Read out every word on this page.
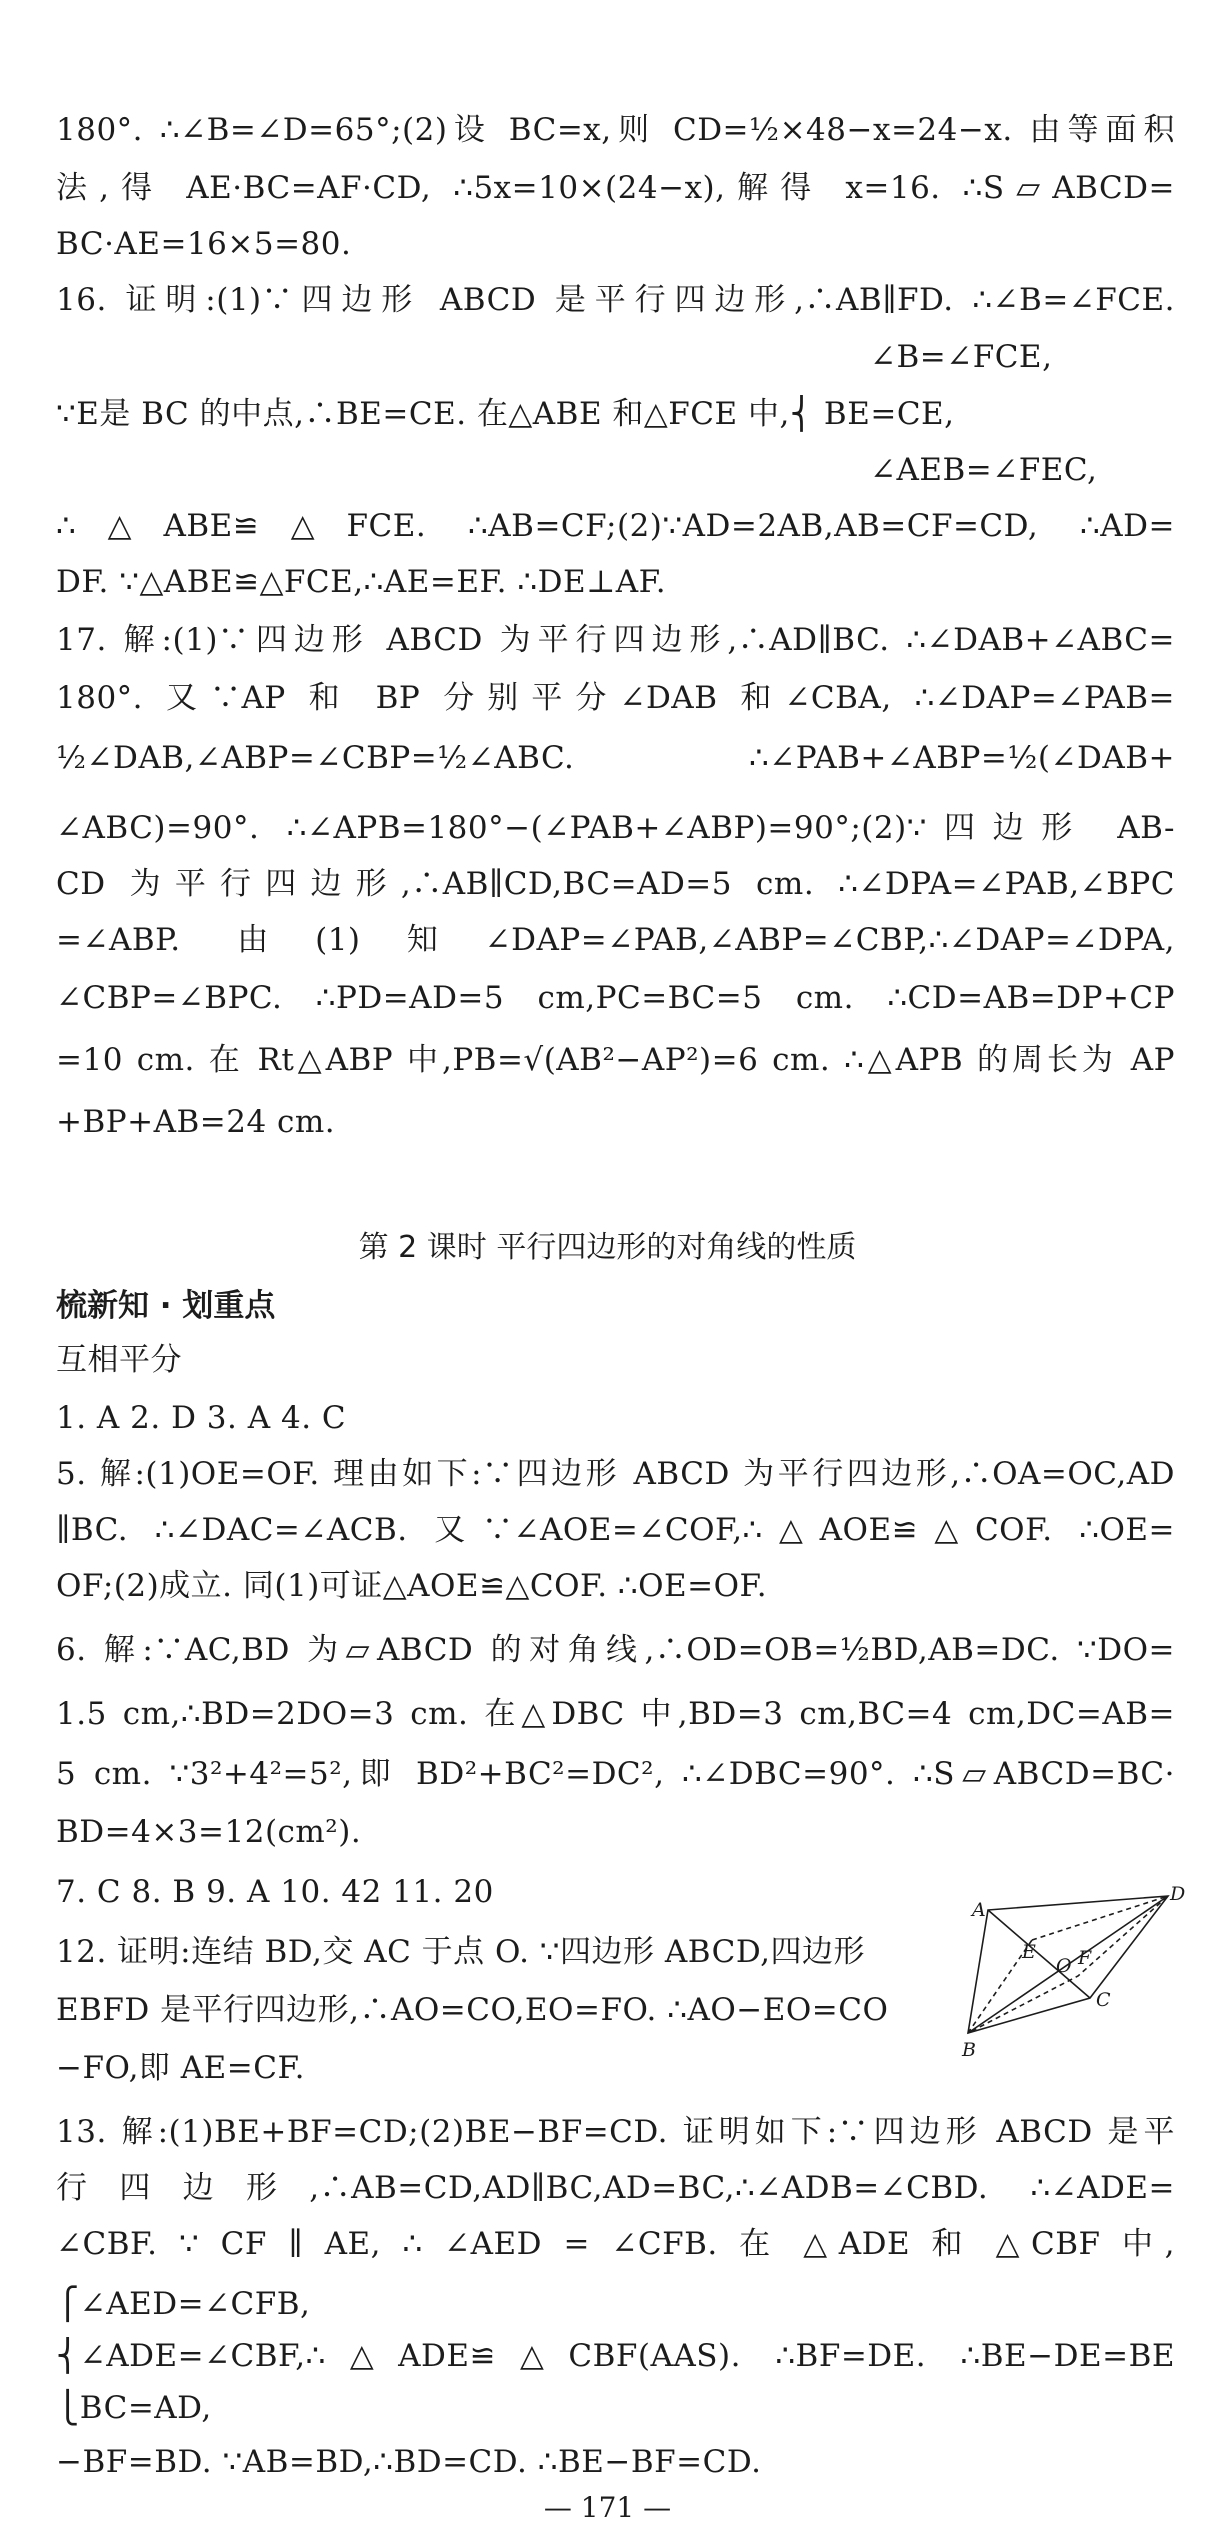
180°. ∴∠B=∠D=65°;(2)设 BC=x,则 CD=½×48−x=24−x. 由等面积
法,得 AE·BC=AF·CD, ∴5x=10×(24−x),解得 x=16. ∴S▱ABCD=
BC·AE=16×5=80.
16. 证明:(1)∵四边形 ABCD 是平行四边形,∴AB∥FD. ∴∠B=∠FCE.
∠B=∠FCE,
∵E是 BC 的中点,∴BE=CE. 在△ABE 和△FCE 中,⎨ BE=CE,
∠AEB=∠FEC,
∴△ABE≌△FCE. ∴AB=CF;(2)∵AD=2AB,AB=CF=CD, ∴AD=
DF. ∵△ABE≌△FCE,∴AE=EF. ∴DE⊥AF.
17. 解:(1)∵四边形 ABCD 为平行四边形,∴AD∥BC. ∴∠DAB+∠ABC=
180°. 又∵AP 和 BP 分别平分∠DAB 和∠CBA, ∴∠DAP=∠PAB=
½∠DAB,∠ABP=∠CBP=½∠ABC. ∴∠PAB+∠ABP=½(∠DAB+
∠ABC)=90°. ∴∠APB=180°−(∠PAB+∠ABP)=90°;(2)∵四边形 AB-
CD 为平行四边形,∴AB∥CD,BC=AD=5 cm. ∴∠DPA=∠PAB,∠BPC
=∠ABP. 由(1)知∠DAP=∠PAB,∠ABP=∠CBP,∴∠DAP=∠DPA,
∠CBP=∠BPC. ∴PD=AD=5 cm,PC=BC=5 cm. ∴CD=AB=DP+CP
=10 cm. 在 Rt△ABP 中,PB=√(AB²−AP²)=6 cm. ∴△APB 的周长为 AP
+BP+AB=24 cm.
第 2 课时 平行四边形的对角线的性质
梳新知 · 划重点
互相平分
1. A 2. D 3. A 4. C
5. 解:(1)OE=OF. 理由如下:∵四边形 ABCD 为平行四边形,∴OA=OC,AD
∥BC. ∴∠DAC=∠ACB. 又∵∠AOE=∠COF,∴△AOE≌△COF. ∴OE=
OF;(2)成立. 同(1)可证△AOE≌△COF. ∴OE=OF.
6. 解:∵AC,BD 为▱ABCD 的对角线,∴OD=OB=½BD,AB=DC. ∵DO=
1.5 cm,∴BD=2DO=3 cm. 在△DBC 中,BD=3 cm,BC=4 cm,DC=AB=
5 cm. ∵3²+4²=5²,即 BD²+BC²=DC², ∴∠DBC=90°. ∴S▱ABCD=BC·
BD=4×3=12(cm²).
7. C 8. B 9. A 10. 42 11. 20
12. 证明:连结 BD,交 AC 于点 O. ∵四边形 ABCD,四边形
EBFD 是平行四边形,∴AO=CO,EO=FO. ∴AO−EO=CO
−FO,即 AE=CF.
13. 解:(1)BE+BF=CD;(2)BE−BF=CD. 证明如下:∵四边形 ABCD 是平
行四边形,∴AB=CD,AD∥BC,AD=BC,∴∠ADB=∠CBD. ∴∠ADE=
∠CBF. ∵ CF ∥ AE, ∴ ∠AED = ∠CFB. 在 △ADE 和 △CBF 中,
⎧∠AED=∠CFB,
⎨∠ADE=∠CBF,∴△ADE≌△CBF(AAS). ∴BF=DE. ∴BE−DE=BE
⎩BC=AD,
−BF=BD. ∵AB=BD,∴BD=CD. ∴BE−BF=CD.
A
D
E
O F
C
B
— 171 —
